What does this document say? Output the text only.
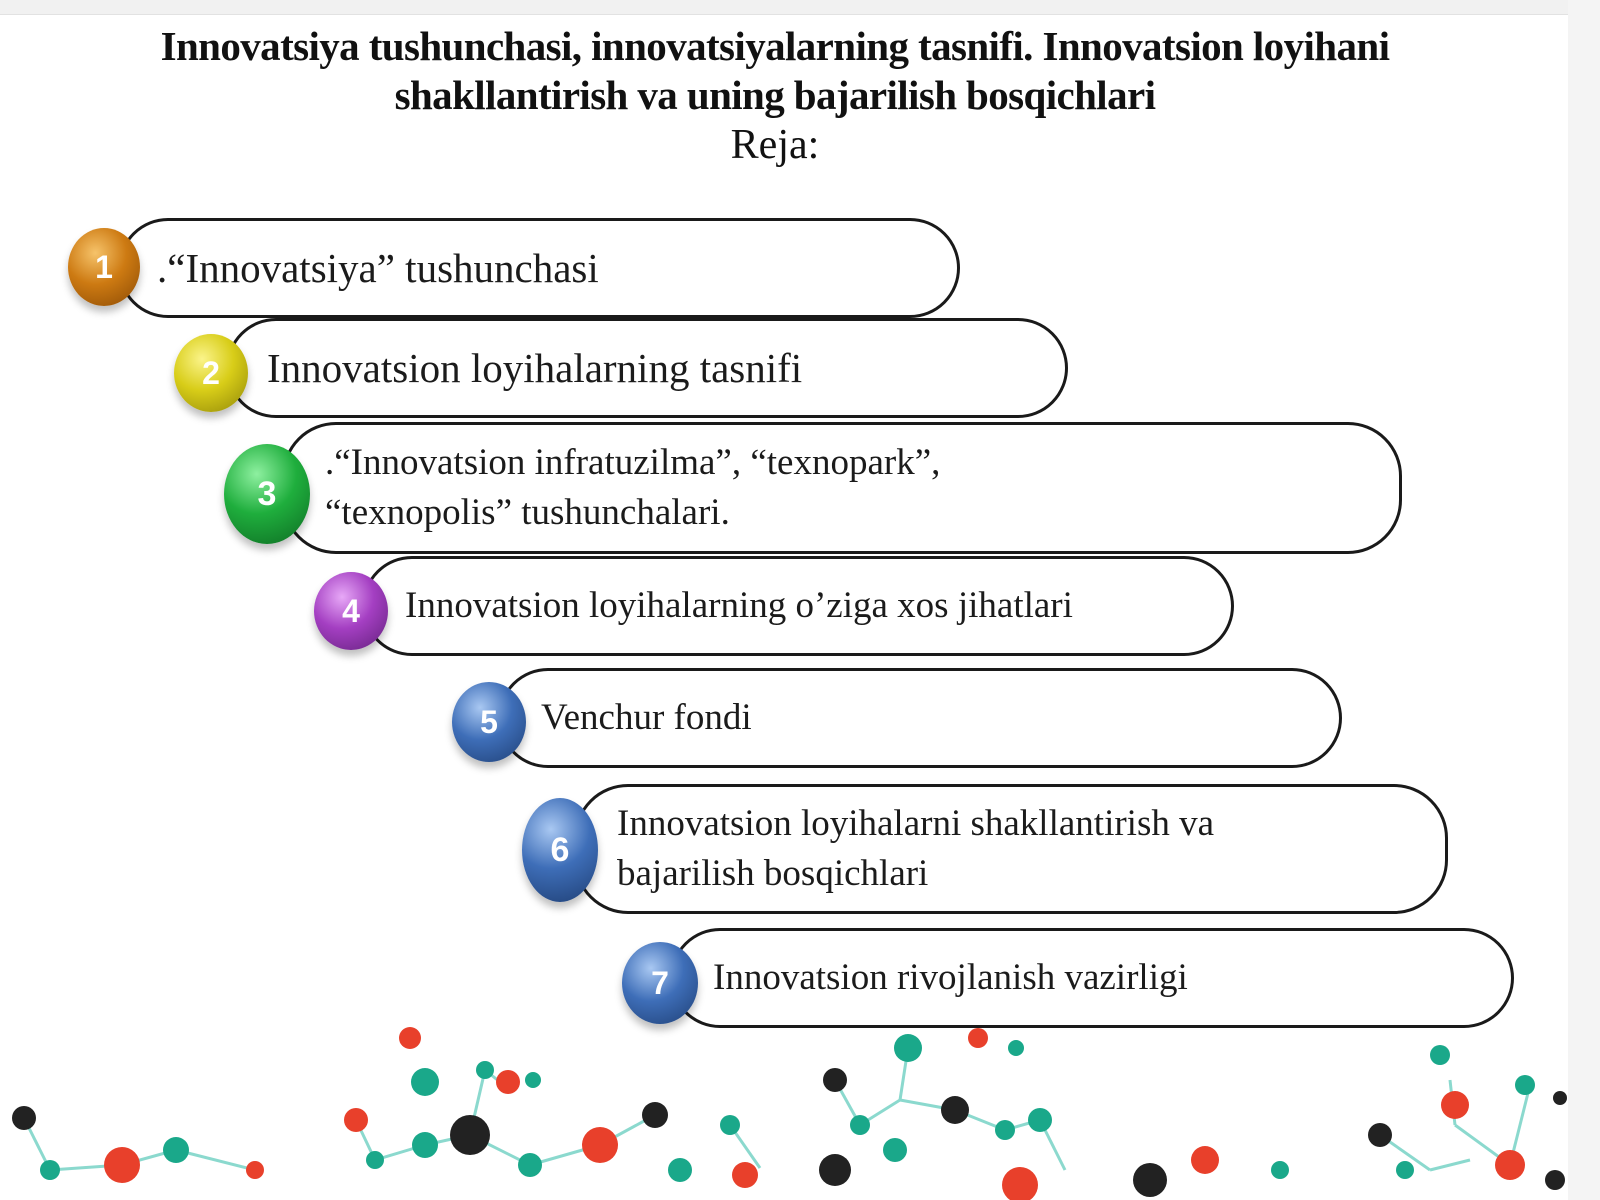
Innovatsiya tushunchasi, innovatsiyalarning tasnifi. Innovatsion loyihani shakllantirish va uning bajarilish bosqichlari
Reja:
.“Innovatsiya” tushunchasi
1
Innovatsion loyihalarning tasnifi
2
.“Innovatsion infratuzilma”, “texnopark”, “texnopolis” tushunchalari.
3
Innovatsion loyihalarning o’ziga xos jihatlari
4
Venchur fondi
5
Innovatsion loyihalarni shakllantirish va bajarilish bosqichlari
6
Innovatsion rivojlanish vazirligi
7
